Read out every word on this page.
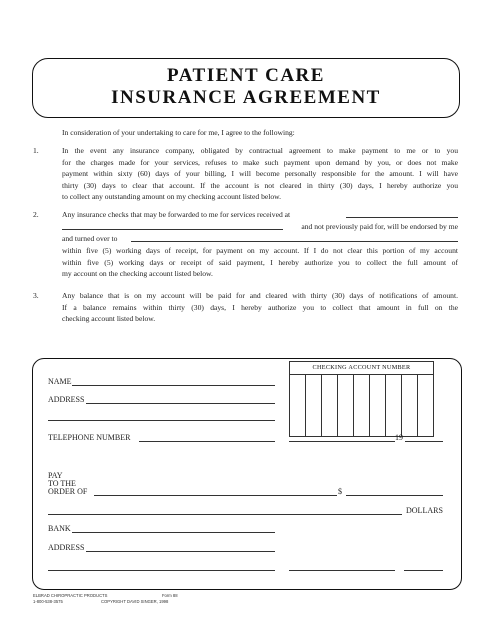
PATIENT CARE
INSURANCE AGREEMENT
In consideration of your undertaking to care for me, I agree to the following:
1.	In the event any insurance company, obligated by contractual agreement to make payment to me or to you
for the charges made for your services, refuses to make such payment upon demand by you, or does not make
payment within sixty (60) days of your billing, I will become personally responsible for the amount. I will have
thirty (30) days to clear that account. If the account is not cleared in thirty (30) days, I hereby authorize you
to collect any outstanding amount on my checking account listed below.
2.	Any insurance checks that may be forwarded to me for services received at
and not previously paid for, will be endorsed by me
and turned over to
within five (5) working days of receipt, for payment on my account. If I do not clear this portion of my account
within five (5) working days or receipt of said payment, I hereby authorize you to collect the full amount of
my account on the checking account listed below.
3.	Any balance that is on my account will be paid for and cleared with thirty (30) days of notifications of amount.
If a balance remains within thirty (30) days, I hereby authorize you to collect that amount in full on the
checking account listed below.
CHECKING ACCOUNT NUMBER
NAME
ADDRESS
TELEPHONE NUMBER	19
PAY
TO THE
ORDER OF	$
DOLLARS
BANK
ADDRESS
ELBRAD CHIROPRACTIC PRODUCTS	Form 88
1-800-538-3575	COPYRIGHT DAVID SINGER, 1998
